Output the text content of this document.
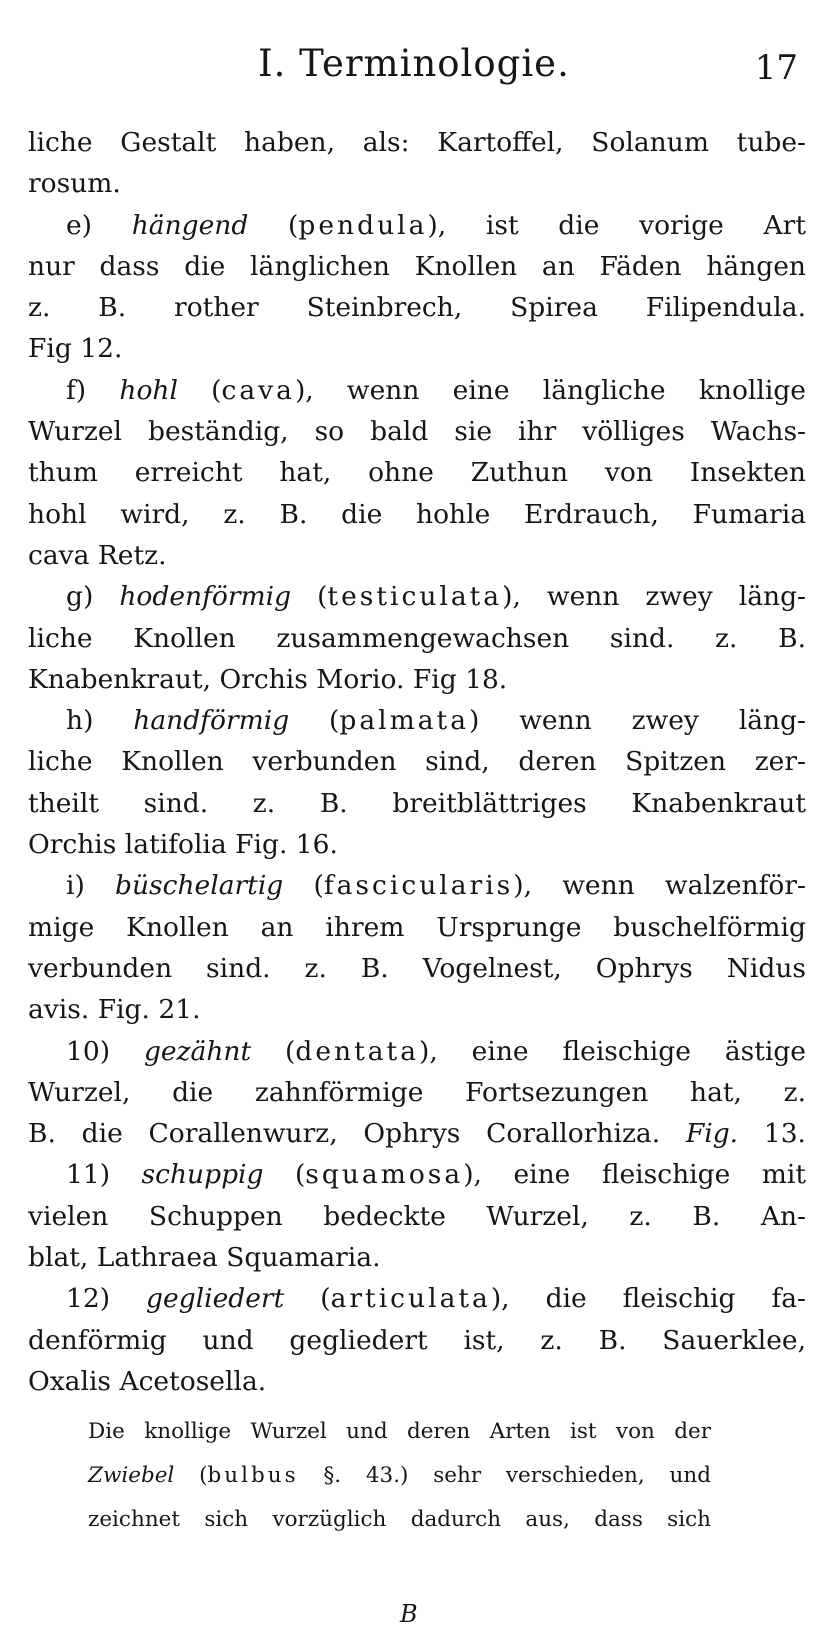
I. Terminologie.	17
liche Gestalt haben, als: Kartoffel, Solanum tube-
rosum.
e) hängend (pendula), ist die vorige Art
nur dass die länglichen Knollen an Fäden hängen
z. B. rother Steinbrech, Spirea Filipendula.
Fig 12.
f) hohl (cava), wenn eine längliche knollige
Wurzel beständig, so bald sie ihr völliges Wachs-
thum erreicht hat, ohne Zuthun von Insekten
hohl wird, z. B. die hohle Erdrauch, Fumaria
cava Retz.
g) hodenförmig (testiculata), wenn zwey läng-
liche Knollen zusammengewachsen sind. z. B.
Knabenkraut, Orchis Morio. Fig 18.
h) handförmig (palmata) wenn zwey läng-
liche Knollen verbunden sind, deren Spitzen zer-
theilt sind. z. B. breitblättriges Knabenkraut
Orchis latifolia Fig. 16.
i) büschelartig (fascicularis), wenn walzenför-
mige Knollen an ihrem Ursprunge buschelförmig
verbunden sind. z. B. Vogelnest, Ophrys Nidus
avis. Fig. 21.
10) gezähnt (dentata), eine fleischige ästige
Wurzel, die zahnförmige Fortsezungen hat, z.
B. die Corallenwurz, Ophrys Corallorhiza. Fig. 13.
11) schuppig (squamosa), eine fleischige mit
vielen Schuppen bedeckte Wurzel, z. B. An-
blat, Lathraea Squamaria.
12) gegliedert (articulata), die fleischig fa-
denförmig und gegliedert ist, z. B. Sauerklee,
Oxalis Acetosella.
Die knollige Wurzel und deren Arten ist von der
Zwiebel (bulbus §. 43.) sehr verschieden, und
zeichnet sich vorzüglich dadurch aus, dass sich
B
